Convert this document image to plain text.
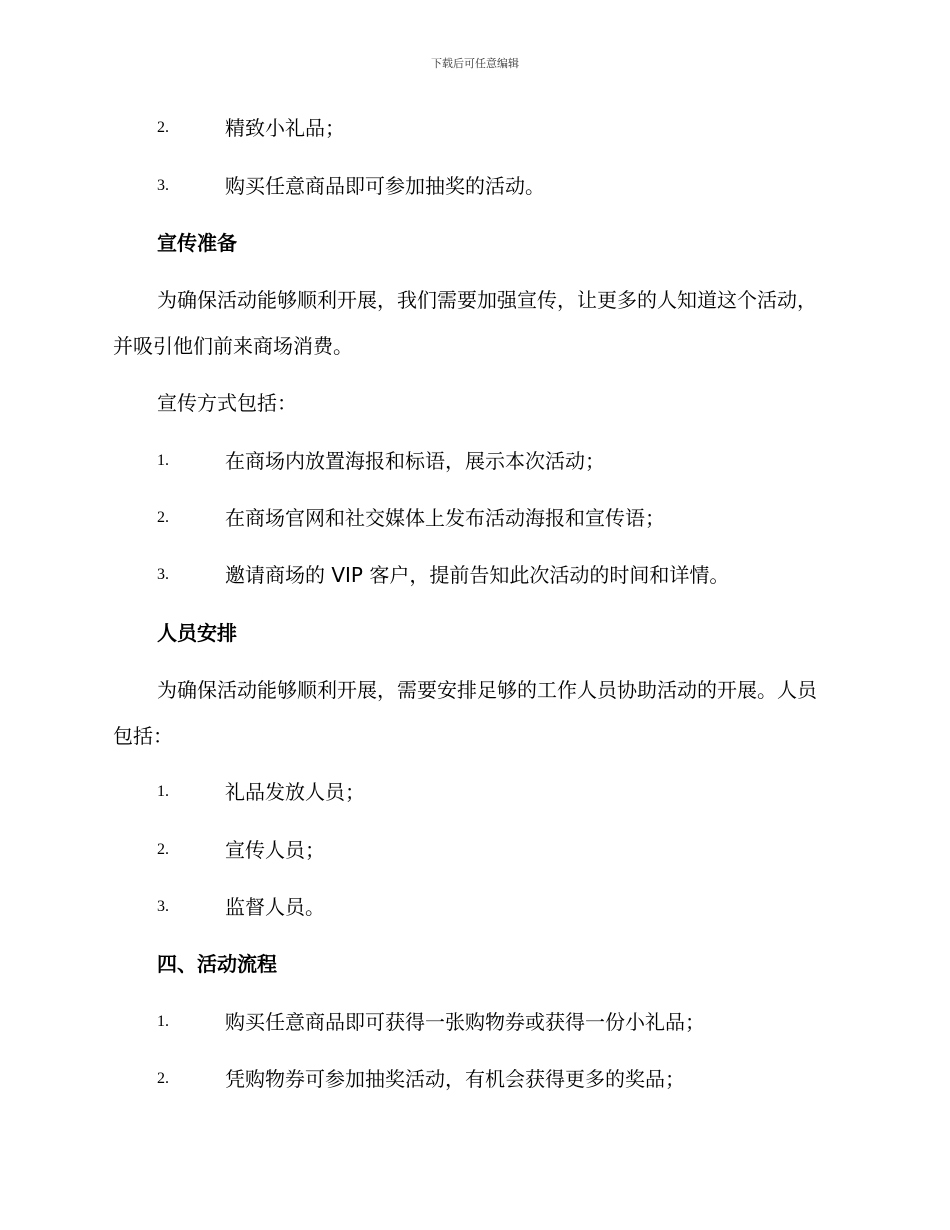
下载后可任意编辑
2.	精致小礼品；
3.	购买任意商品即可参加抽奖的活动。
宣传准备
为确保活动能够顺利开展，我们需要加强宣传，让更多的人知道这个活动，并吸引他们前来商场消费。
宣传方式包括：
1.	在商场内放置海报和标语，展示本次活动；
2.	在商场官网和社交媒体上发布活动海报和宣传语；
3.	邀请商场的 VIP 客户，提前告知此次活动的时间和详情。
人员安排
为确保活动能够顺利开展，需要安排足够的工作人员协助活动的开展。人员包括：
1.	礼品发放人员；
2.	宣传人员；
3.	监督人员。
四、活动流程
1.	购买任意商品即可获得一张购物券或获得一份小礼品；
2.	凭购物券可参加抽奖活动，有机会获得更多的奖品；
